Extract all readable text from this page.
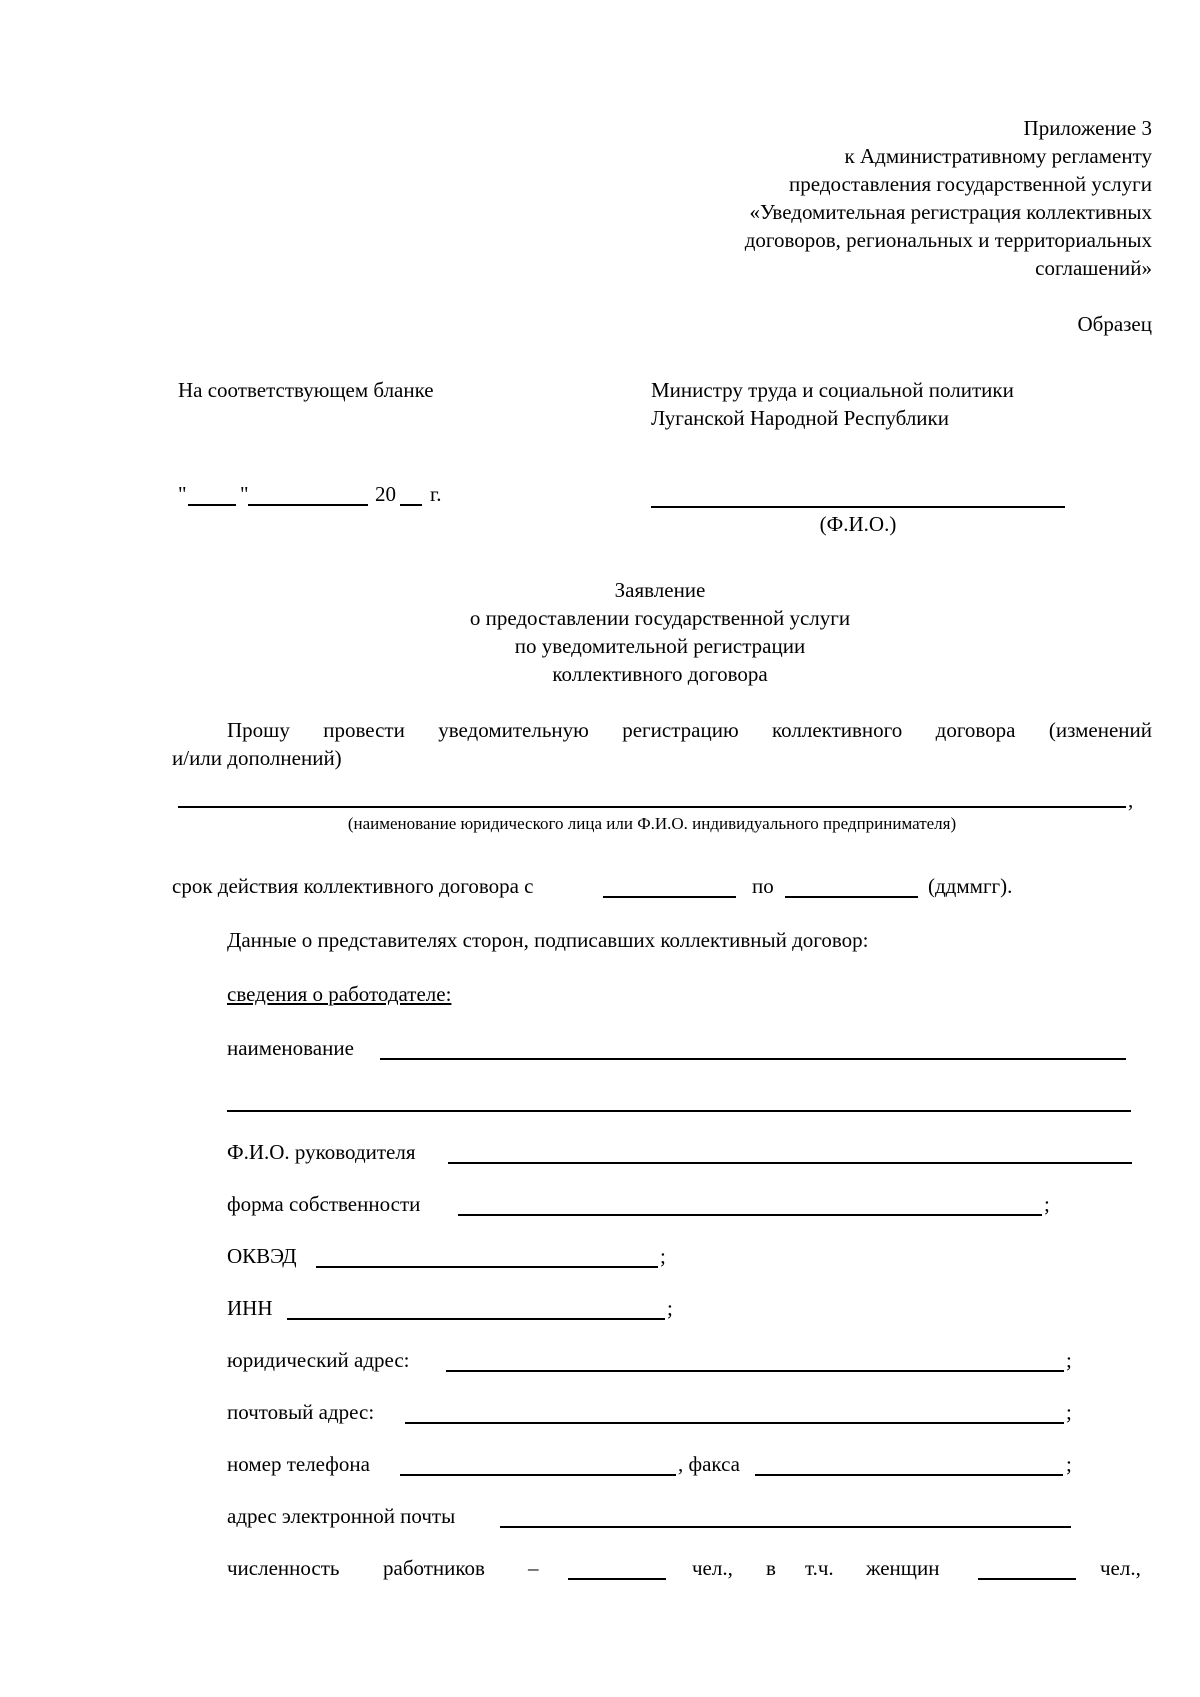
Приложение 3
к Административному регламенту
предоставления государственной услуги
«Уведомительная регистрация коллективных
договоров, региональных и территориальных
соглашений»
Образец
На соответствующем бланке
"	"	20 г.
Министру труда и социальной политики
Луганской Народной Республики
(Ф.И.О.)
Заявление
о предоставлении государственной услуги
по уведомительной регистрации
коллективного договора
Прошу провести уведомительную регистрацию коллективного договора (изменений
и/или дополнений)
,
(наименование юридического лица или Ф.И.О. индивидуального предпринимателя)
срок действия коллективного договора с	по	(ддммгг).
Данные о представителях сторон, подписавших коллективный договор:
сведения о работодателе:
наименование
Ф.И.О. руководителя
форма собственности	;
ОКВЭД	;
ИНН	;
юридический адрес:	;
почтовый адрес:	;
номер телефона	, факса	;
адрес электронной почты
численность работников –	чел., в т.ч. женщин	чел.,
